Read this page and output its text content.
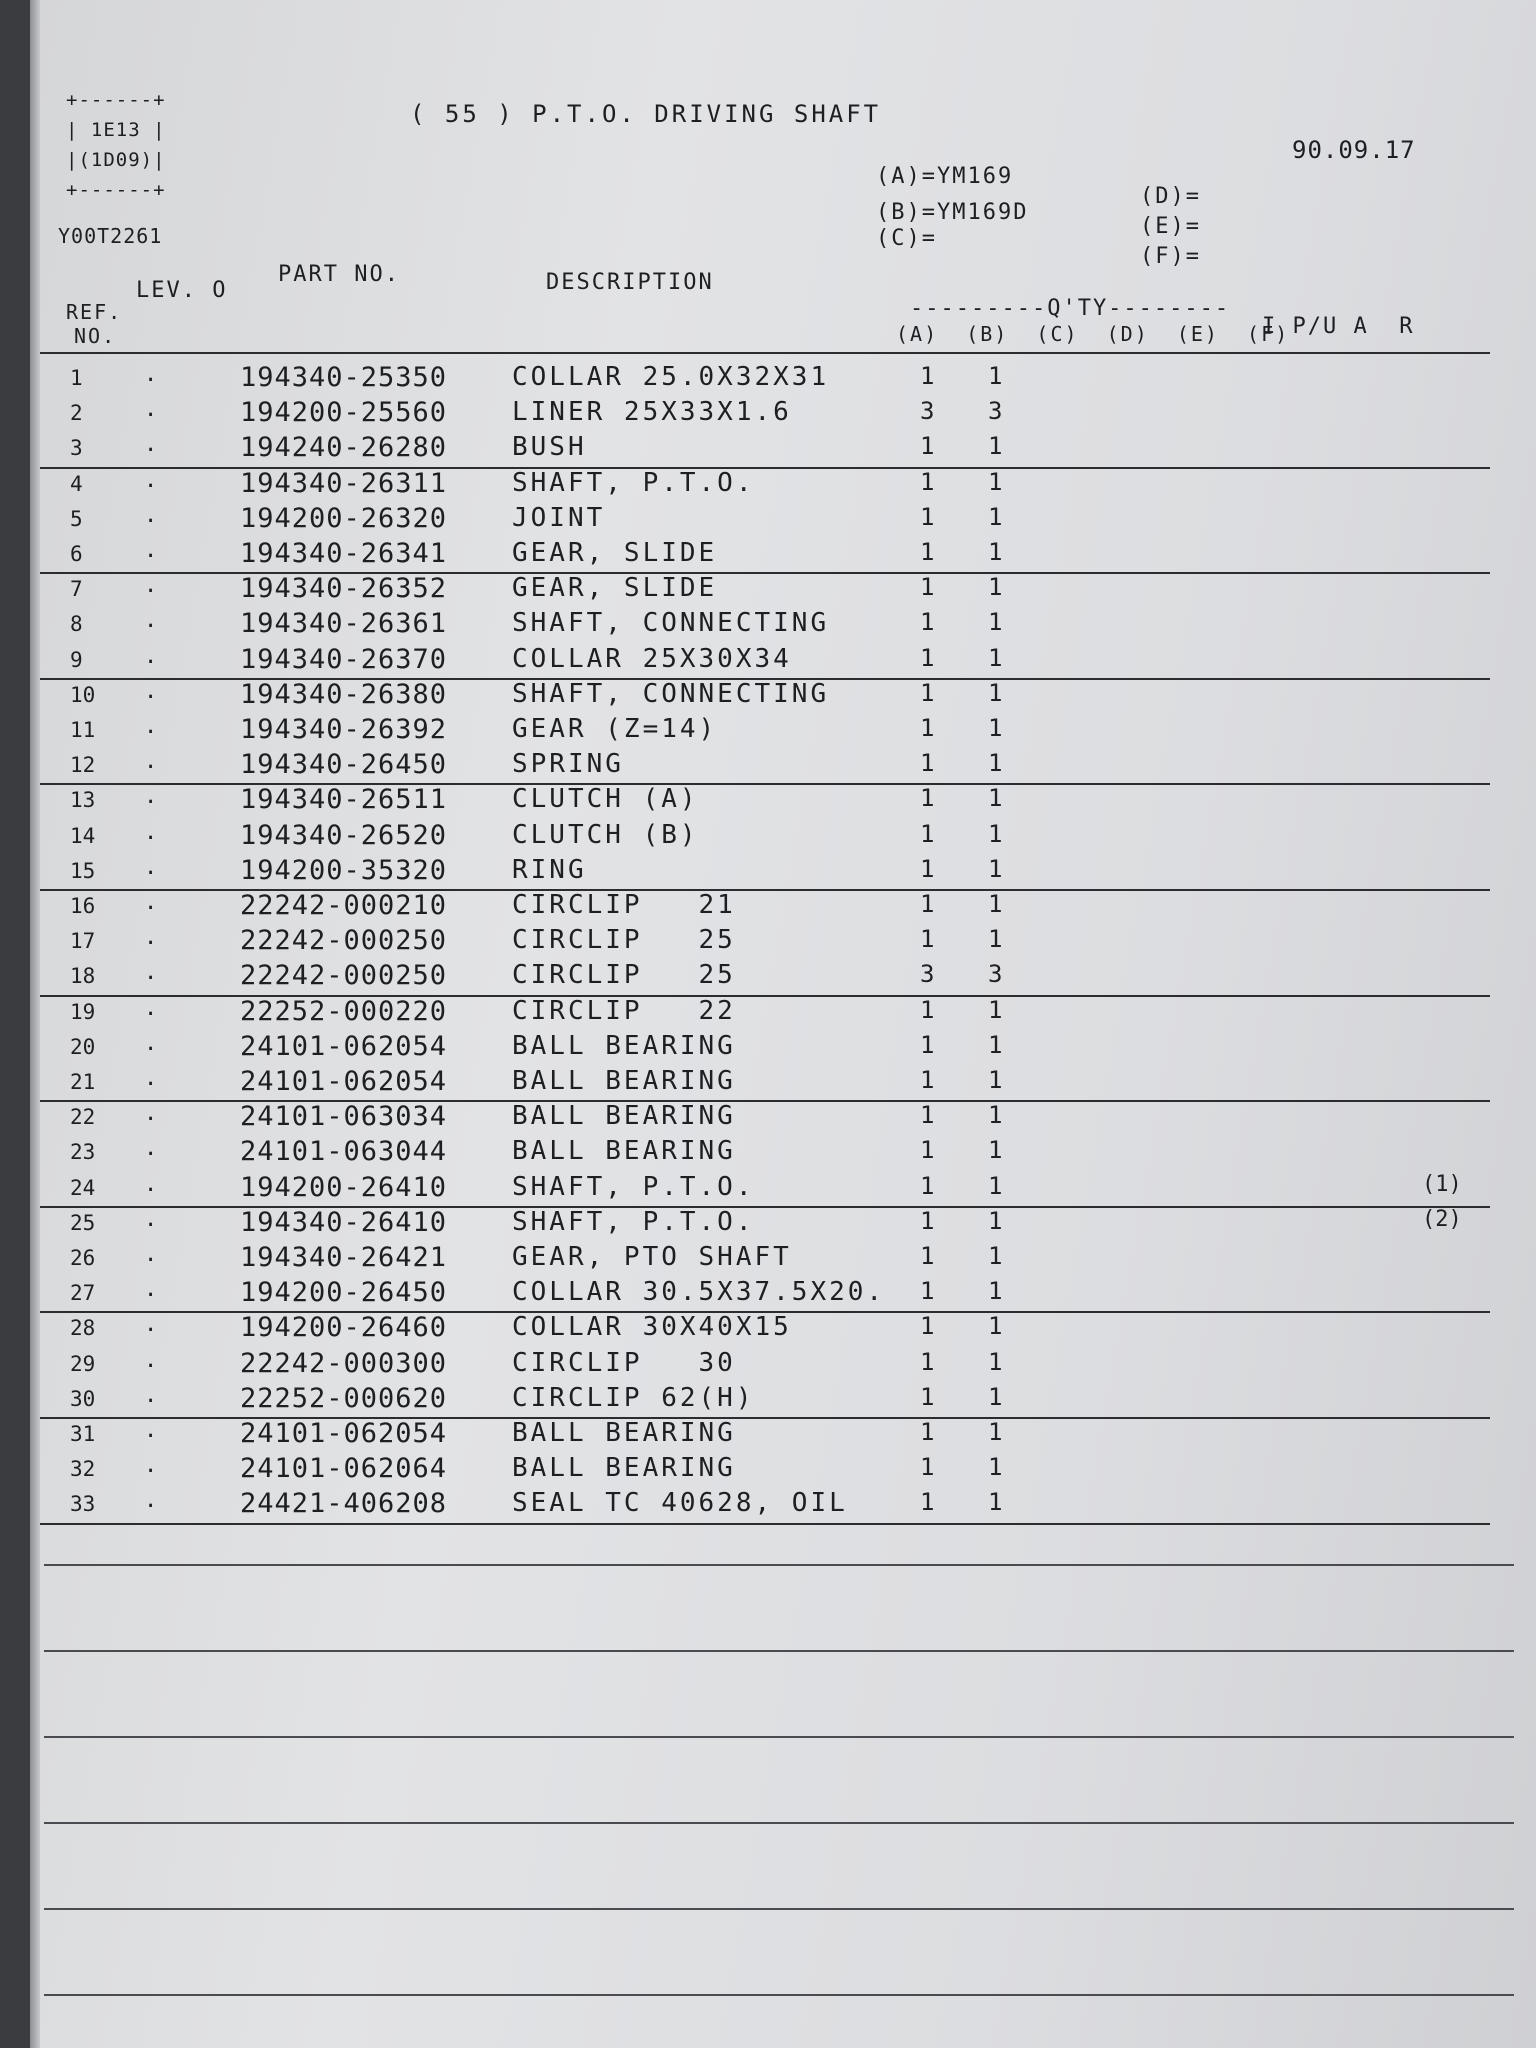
+------+
| 1E13 |
|(1D09)|
+------+
Y00T2261
( 55 ) P.T.O. DRIVING SHAFT
90.09.17
(A)=YM169
(B)=YM169D
(C)=
(D)=
(E)=
(F)=
REF.
NO.
LEV. O
PART NO.	DESCRIPTION
---------Q'TY--------
(A)  (B)  (C)  (D)  (E)  (F)
I P/U A  R
1	.	194340-25350 COLLAR 25.0X32X31	1 1
2	.	194200-25560 LINER 25X33X1.6	3 3
3	.	194240-26280 BUSH	1 1
4	.	194340-26311 SHAFT, P.T.O.	1 1
5	.	194200-26320 JOINT	1 1
6	.	194340-26341 GEAR, SLIDE	1 1
7	.	194340-26352 GEAR, SLIDE	1 1
8	.	194340-26361 SHAFT, CONNECTING	1 1
9	.	194340-26370 COLLAR 25X30X34	1 1
10 .	194340-26380 SHAFT, CONNECTING	1 1
11 .	194340-26392 GEAR (Z=14)	1 1
12 .	194340-26450 SPRING	1 1
13 .	194340-26511 CLUTCH (A)	1 1
14 .	194340-26520 CLUTCH (B)	1 1
15 .	194200-35320 RING	1 1
16 .	22242-000210 CIRCLIP   21	1 1
17 .	22242-000250 CIRCLIP   25	1 1
18 .	22242-000250 CIRCLIP   25	3 3
19 .	22252-000220 CIRCLIP   22	1 1
20 .	24101-062054 BALL BEARING	1 1
21 .	24101-062054 BALL BEARING	1 1
22 .	24101-063034 BALL BEARING	1 1
23 .	24101-063044 BALL BEARING	1 1
24 .	194200-26410 SHAFT, P.T.O.	1 1	(1)
25 .	194340-26410 SHAFT, P.T.O.	1 1	(2)
26 .	194340-26421 GEAR, PTO SHAFT	1 1
27 .	194200-26450 COLLAR 30.5X37.5X20. 1 1
28 .	194200-26460 COLLAR 30X40X15	1 1
29 .	22242-000300 CIRCLIP   30	1 1
30 .	22252-000620 CIRCLIP 62(H)	1 1
31 .	24101-062054 BALL BEARING	1 1
32 .	24101-062064 BALL BEARING	1 1
33 .	24421-406208 SEAL TC 40628, OIL	1 1
